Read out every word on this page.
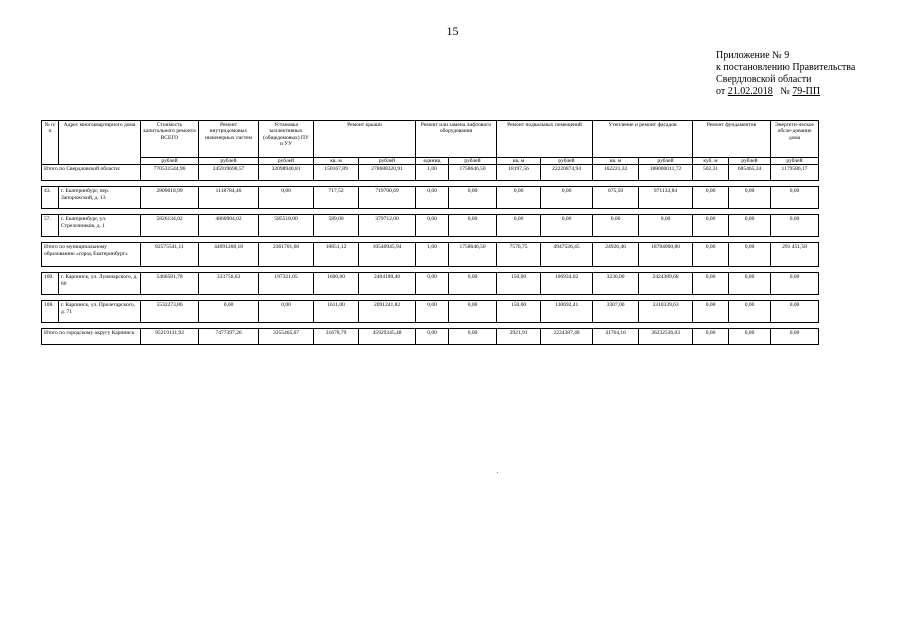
15
Приложение № 9
к постановлению Правительства
Свердловской области
от 21.02.2018 № 79-ПП
№ п/п	Адрес многоквартирного дома	Стоимость капитального ремонта ВСЕГО	Ремонт внутридомовых инженерных систем	Установка коллективных (общедомовых) ПУ и УУ	Ремонт крыши		Ремонт или замена лифтового оборудования		Ремонт подвальных помещений		Утепление и ремонт фасадов		Ремонт фундаментов		Энергети-ческое обсле-дование дома
		рублей	рублей	рублей	кв. м	рублей	единиц	рублей	кв. м	рублей	кв. м	рублей	куб. м	рублей	рублей
Итого по Свердловской области:		770531544,96	245919698,57	32098940,81	150167,89	278688320,91	1,00	1758646,50	18197,56	22220874,94	162221,32	188000011,72	502,31	685465,34	1179586,17

43.	г. Екатеринбург, пер. Запорожский, д. 13	2809618,99	1118784,46	0,00	717,52	719700,69	0,00	0,00	0,00	0,00	675,50	971133,84	0,00	0,00	0,00

57.	г. Екатеринбург, ул. Стрелочников, д. 1	5826134,02	4860904,02	585518,00	589,00	379712,00	0,00	0,00	0,00	0,00	0,00	0,00	0,00	0,00	0,00

Итого по муниципальному образованию «город Екатеринбург»		82575541,11	44091268,18	2361701,66	10851,12	10540945,94	1,00	1758646,50	7576,75	4947526,45	24926,46	18784000,80	0,00	0,00	291 451,58

100.	г. Карпинск, ул. Луначарского, д. 60	5466581,78	333756,63	197321,05	1600,00	2404180,40	0,00	0,00	150,00	106934,02	3236,00	2424389,68	0,00	0,00	0,00

108.	г. Карпинск, ул. Пролетарского, д. 71	5532273,86	0,00	0,00	1611,00	2091241,82	0,00	0,00	150,00	130692,41	3307,00	3310339,63	0,00	0,00	0,00

Итого по городскому округу Карпинск		95219131,92	7477397,26	3355465,67	31678,79	45929345,48	0,00	0,00	2921,91	2224387,48	41764,16	36232536,03	0,00	0,00	0,00
